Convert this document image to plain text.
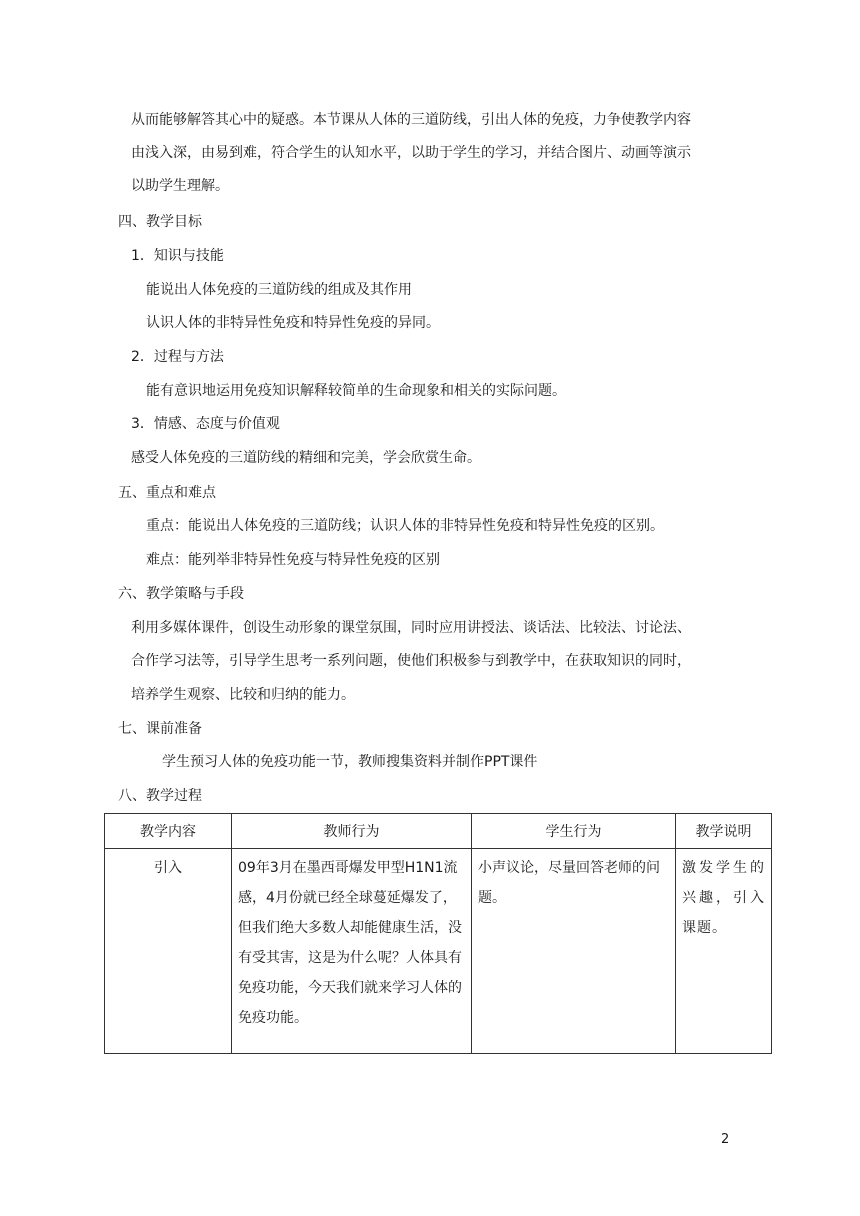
从而能够解答其心中的疑惑。本节课从人体的三道防线，引出人体的免疫，力争使教学内容
由浅入深，由易到难，符合学生的认知水平，以助于学生的学习，并结合图片、动画等演示
以助学生理解。
四、教学目标
1．知识与技能
能说出人体免疫的三道防线的组成及其作用
认识人体的非特异性免疫和特异性免疫的异同。
2．过程与方法
能有意识地运用免疫知识解释较简单的生命现象和相关的实际问题。
3．情感、态度与价值观
感受人体免疫的三道防线的精细和完美，学会欣赏生命。
五、重点和难点
重点：能说出人体免疫的三道防线；认识人体的非特异性免疫和特异性免疫的区别。
难点：能列举非特异性免疫与特异性免疫的区别
六、教学策略与手段
利用多媒体课件，创设生动形象的课堂氛围，同时应用讲授法、谈话法、比较法、讨论法、
合作学习法等，引导学生思考一系列问题，使他们积极参与到教学中，在获取知识的同时，
培养学生观察、比较和归纳的能力。
七、课前准备
学生预习人体的免疫功能一节，教师搜集资料并制作PPT课件
八、教学过程
教学内容	教师行为	学生行为	教学说明

引入	09年3月在墨西哥爆发甲型H1N1流感，4月份就已经全球蔓延爆发了，但我们绝大多数人却能健康生活，没有受其害，这是为什么呢？人体具有免疫功能，今天我们就来学习人体的免疫功能。	小声议论，尽量回答老师的问题。	激发学生的兴趣，引入课题。
2
